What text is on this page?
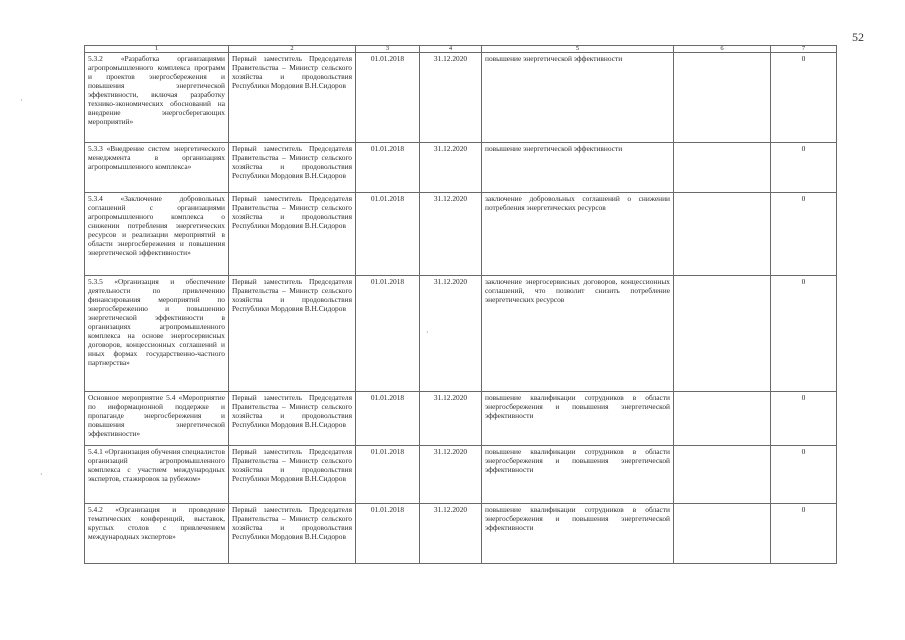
52
·
·
·
1	2	3	4	5	6	7
5.3.2 «Разработка организациями агропромышленного комплекса программ и проектов энергосбережения и повышения энергетической эффективности, включая разработку технико-экономических обоснований на внедрение энергосберегающих мероприятий»	Первый заместитель Председателя Правительства – Министр сельского хозяйства и продовольствия Республики Мордовия В.Н.Сидоров	01.01.2018	31.12.2020	повышение энергетической эффективности		0
5.3.3 «Внедрение систем энергетического менеджмента в организациях агропромышленного комплекса»	Первый заместитель Председателя Правительства – Министр сельского хозяйства и продовольствия Республики Мордовия В.Н.Сидоров	01.01.2018	31.12.2020	повышение энергетической эффективности		0
5.3.4 «Заключение добровольных соглашений с организациями агропромышленного комплекса о снижении потребления энергетических ресурсов и реализации мероприятий в области энергосбережения и повышения энергетической эффективности»	Первый заместитель Председателя Правительства – Министр сельского хозяйства и продовольствия Республики Мордовия В.Н.Сидоров	01.01.2018	31.12.2020	заключение добровольных соглашений о снижении потребления энергетических ресурсов		0
5.3.5 «Организация и обеспечение деятельности по привлечению финансирования мероприятий по энергосбережению и повышению энергетической эффективности в организациях агропромышленного комплекса на основе энергосервисных договоров, концессионных соглашений и иных формах государственно-частного партнерства»	Первый заместитель Председателя Правительства – Министр сельского хозяйства и продовольствия Республики Мордовия В.Н.Сидоров	01.01.2018	31.12.2020	заключение энергосервисных договоров, концессионных соглашений, что позволит снизить потребление энергетических ресурсов		0
Основное мероприятие 5.4 «Мероприятие по информационной поддержке и пропаганде энергосбережения и повышения энергетической эффективности»	Первый заместитель Председателя Правительства – Министр сельского хозяйства и продовольствия Республики Мордовия В.Н.Сидоров	01.01.2018	31.12.2020	повышение квалификации сотрудников в области энергосбережения и повышения энергетической эффективности		0
5.4.1 «Организация обучения специалистов организаций агропромышленного комплекса с участием международных экспертов, стажировок за рубежом»	Первый заместитель Председателя Правительства – Министр сельского хозяйства и продовольствия Республики Мордовия В.Н.Сидоров	01.01.2018	31.12.2020	повышение квалификации сотрудников в области энергосбережения и повышения энергетической эффективности		0
5.4.2 «Организация и проведение тематических конференций, выставок, круглых столов с привлечением международных экспертов»	Первый заместитель Председателя Правительства – Министр сельского хозяйства и продовольствия Республики Мордовия В.Н.Сидоров	01.01.2018	31.12.2020	повышение квалификации сотрудников в области энергосбережения и повышения энергетической эффективности		0
